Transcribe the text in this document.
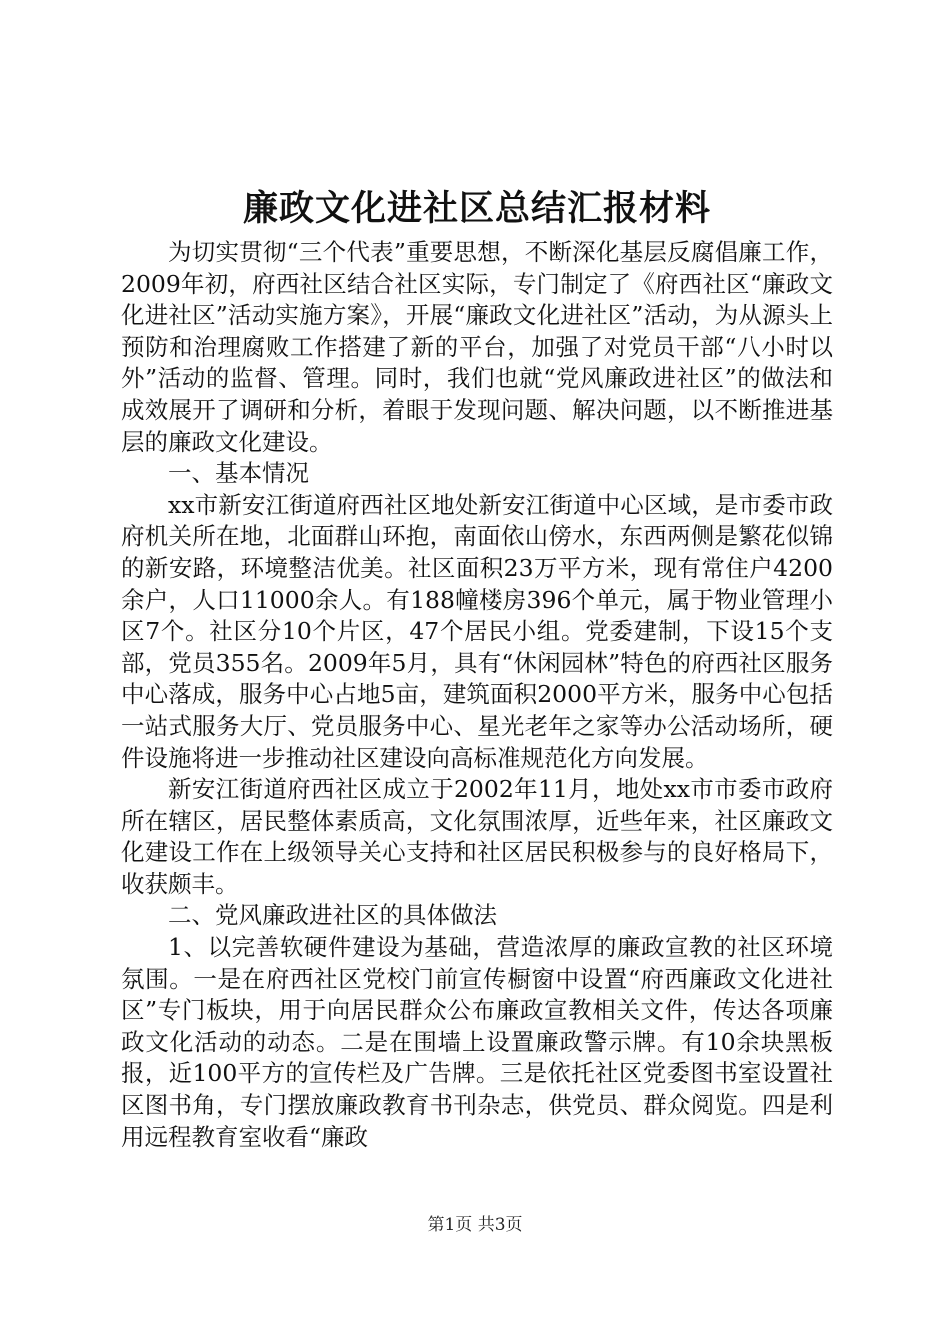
廉政文化进社区总结汇报材料

为切实贯彻“三个代表”重要思想，不断深化基层反腐倡廉工作，2009年初，府西社区结合社区实际，专门制定了《府西社区“廉政文化进社区”活动实施方案》，开展“廉政文化进社区”活动，为从源头上预防和治理腐败工作搭建了新的平台，加强了对党员干部“八小时以外”活动的监督、管理。同时，我们也就“党风廉政进社区”的做法和成效展开了调研和分析，着眼于发现问题、解决问题，以不断推进基层的廉政文化建设。

一、基本情况

xx市新安江街道府西社区地处新安江街道中心区域，是市委市政府机关所在地，北面群山环抱，南面依山傍水，东西两侧是繁花似锦的新安路，环境整洁优美。社区面积23万平方米，现有常住户4200余户，人口11000余人。有188幢楼房396个单元，属于物业管理小区7个。社区分10个片区，47个居民小组。党委建制，下设15个支部，党员355名。2009年5月，具有“休闲园林”特色的府西社区服务中心落成，服务中心占地5亩，建筑面积2000平方米，服务中心包括一站式服务大厅、党员服务中心、星光老年之家等办公活动场所，硬件设施将进一步推动社区建设向高标准规范化方向发展。

新安江街道府西社区成立于2002年11月，地处xx市市委市政府所在辖区，居民整体素质高，文化氛围浓厚，近些年来，社区廉政文化建设工作在上级领导关心支持和社区居民积极参与的良好格局下，收获颇丰。

二、党风廉政进社区的具体做法

1、以完善软硬件建设为基础，营造浓厚的廉政宣教的社区环境氛围。一是在府西社区党校门前宣传橱窗中设置“府西廉政文化进社区”专门板块，用于向居民群众公布廉政宣教相关文件，传达各项廉政文化活动的动态。二是在围墙上设置廉政警示牌。有10余块黑板报，近100平方的宣传栏及广告牌。三是依托社区党委图书室设置社区图书角，专门摆放廉政教育书刊杂志，供党员、群众阅览。四是利用远程教育室收看“廉政

第1页 共3页
